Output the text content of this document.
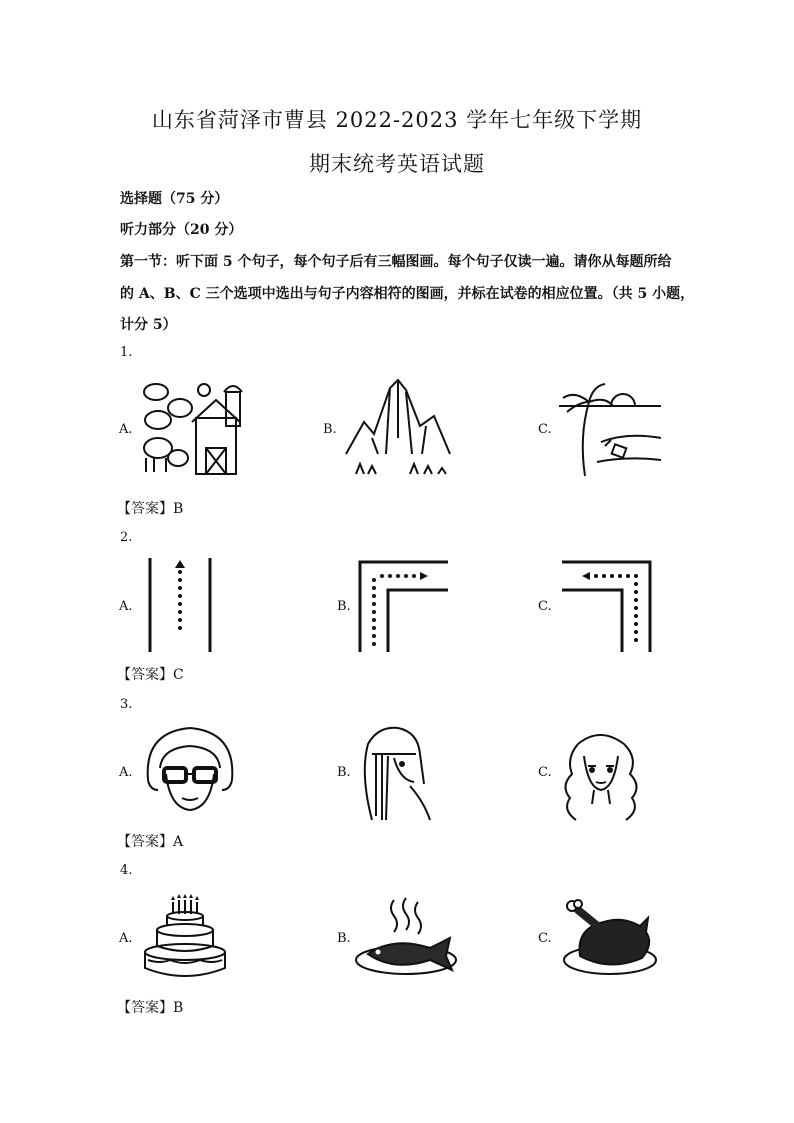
山东省菏泽市曹县 2022-2023 学年七年级下学期
期末统考英语试题
选择题（75 分）
听力部分（20 分）
第一节：听下面 5 个句子，每个句子后有三幅图画。每个句子仅读一遍。请你从每题所给
的 A、B、C 三个选项中选出与句子内容相符的图画，并标在试卷的相应位置。（共 5 小题，
计分 5）
1.
A.	B.	C.
【答案】B
2.
A.	B.	C.
【答案】C
3.
A.	B.	C.
【答案】A
4.
A.	B.	C.
【答案】B
